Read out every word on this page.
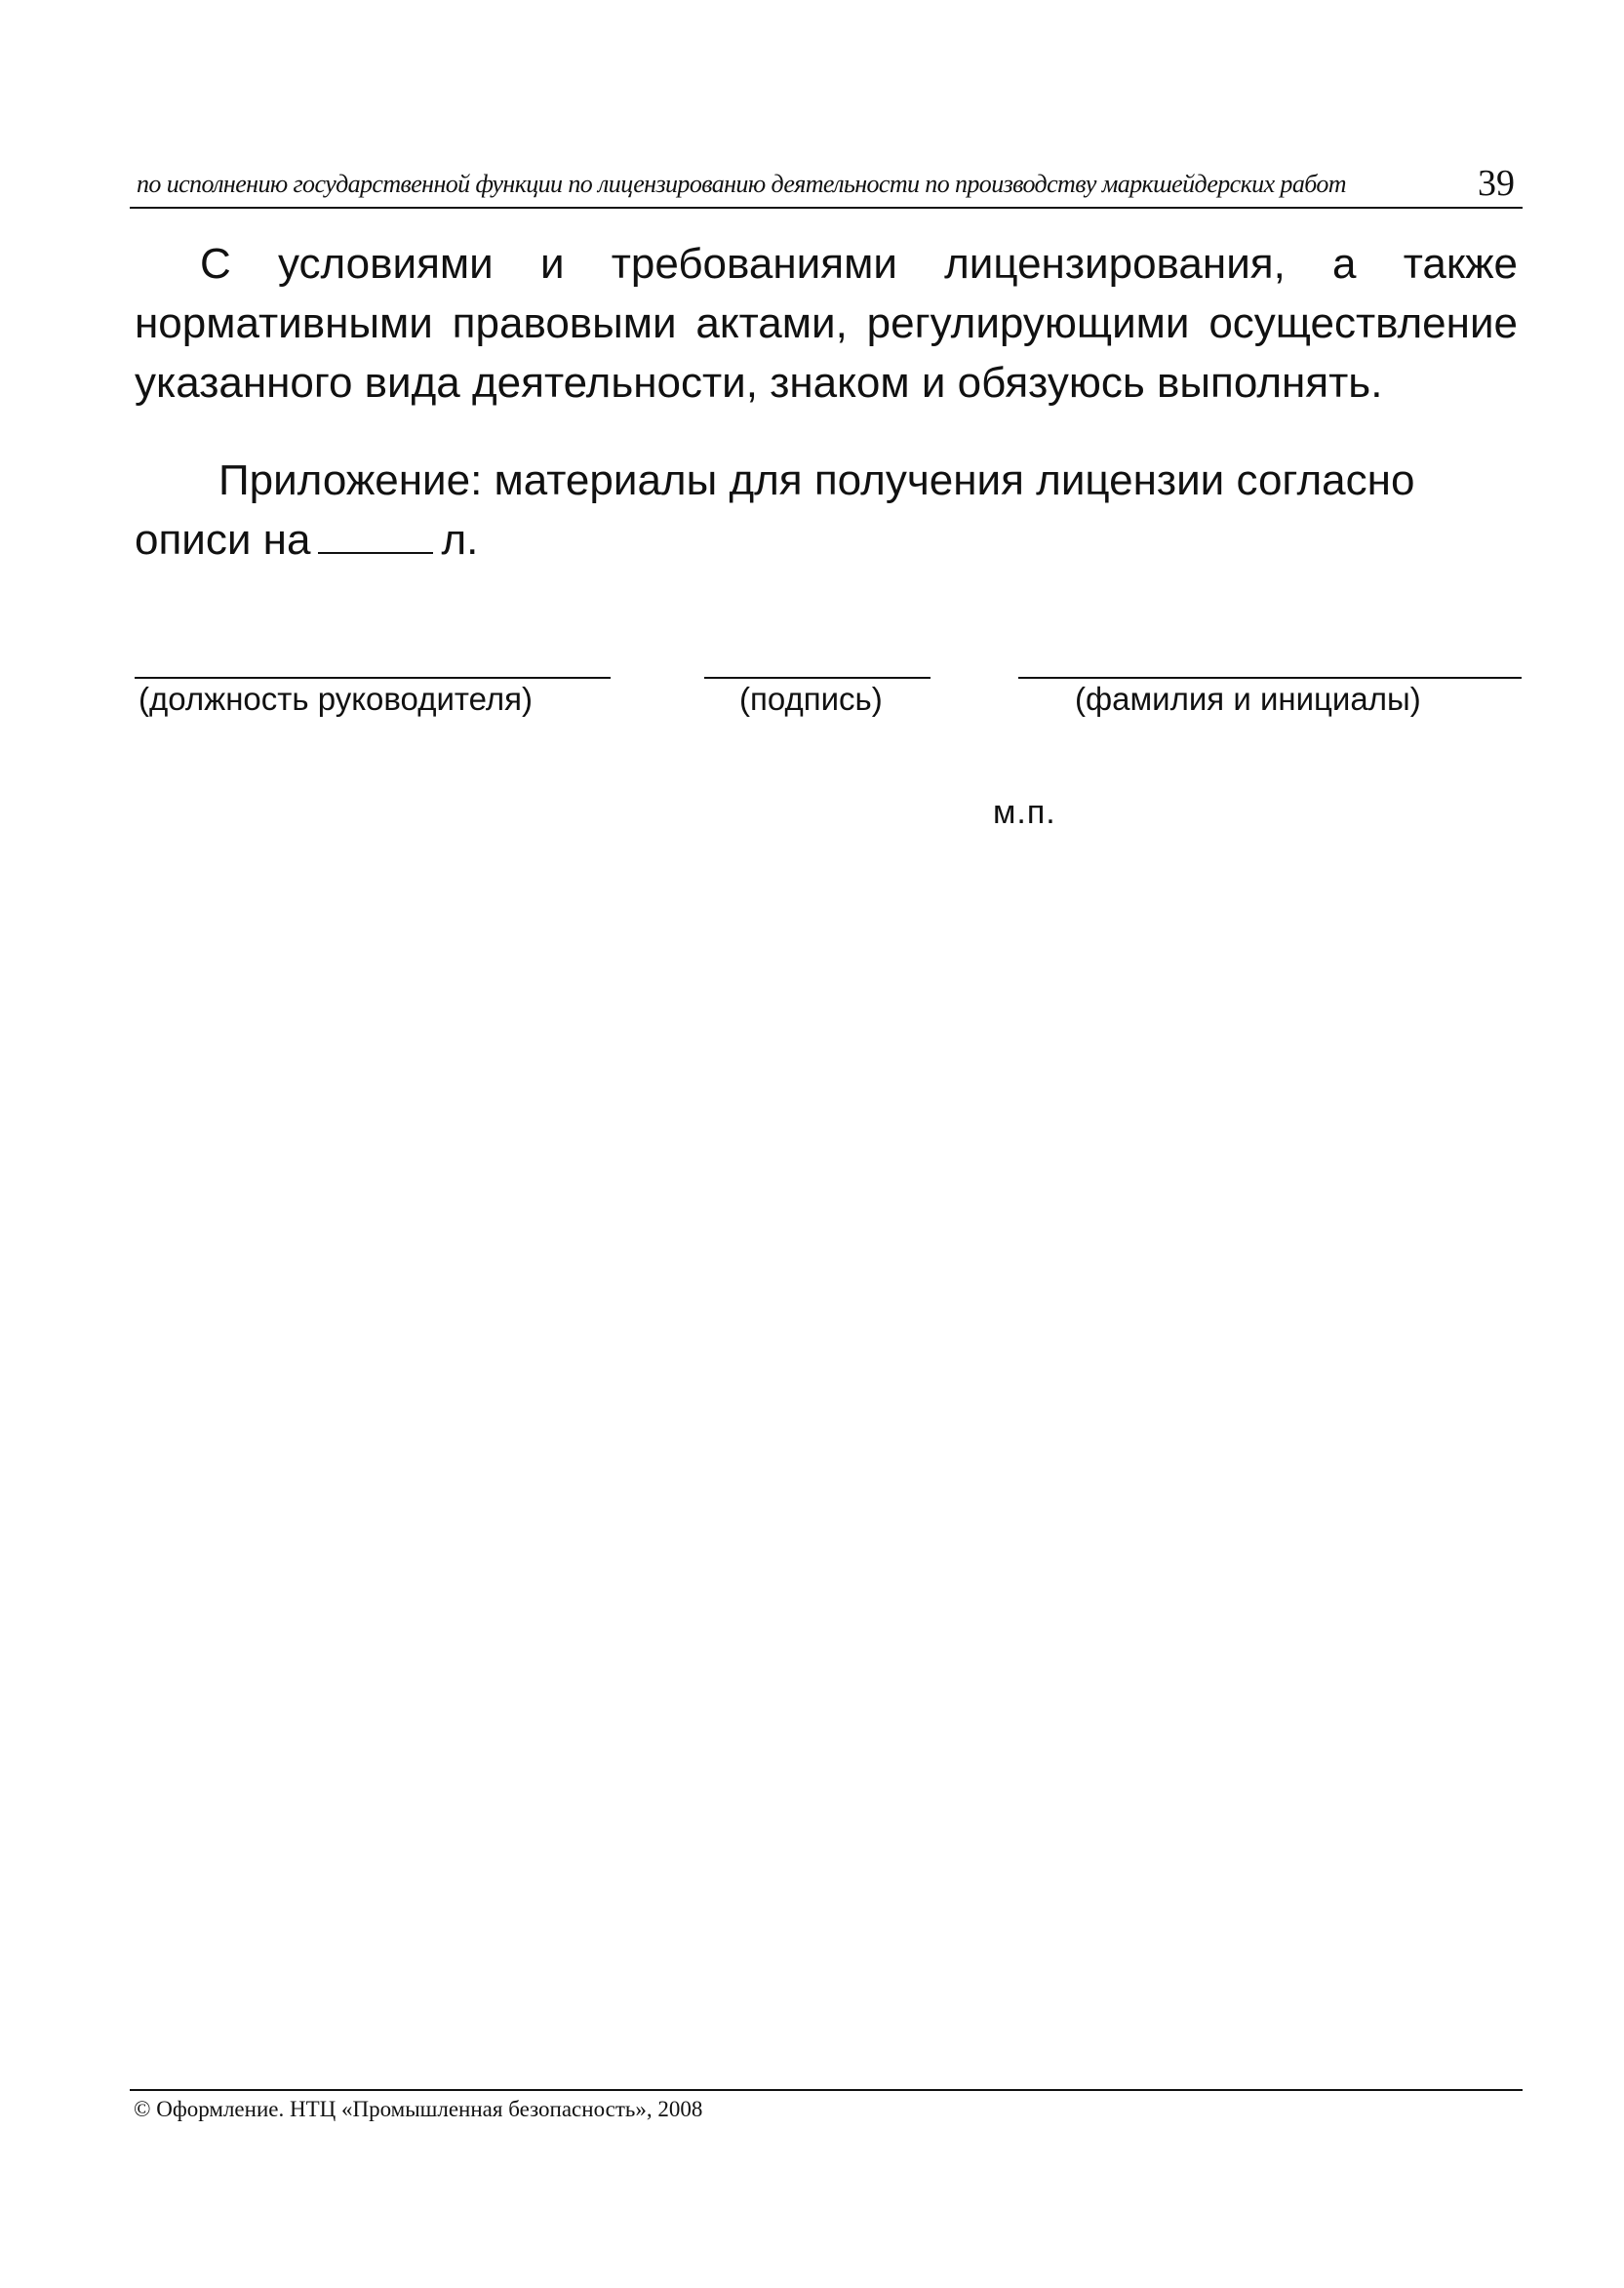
по исполнению государственной функции по лицензированию деятельности по производству маркшейдерских работ	39

С условиями и требованиями лицензирования, а также нормативными правовыми актами, регулирующими осуществление указанного вида деятельности, знаком и обязуюсь выполнять.

Приложение: материалы для получения лицензии согласно описи на	л.

(должность руководителя)	(подпись)	(фамилия и инициалы)
м.п.
© Оформление. НТЦ «Промышленная безопасность», 2008
